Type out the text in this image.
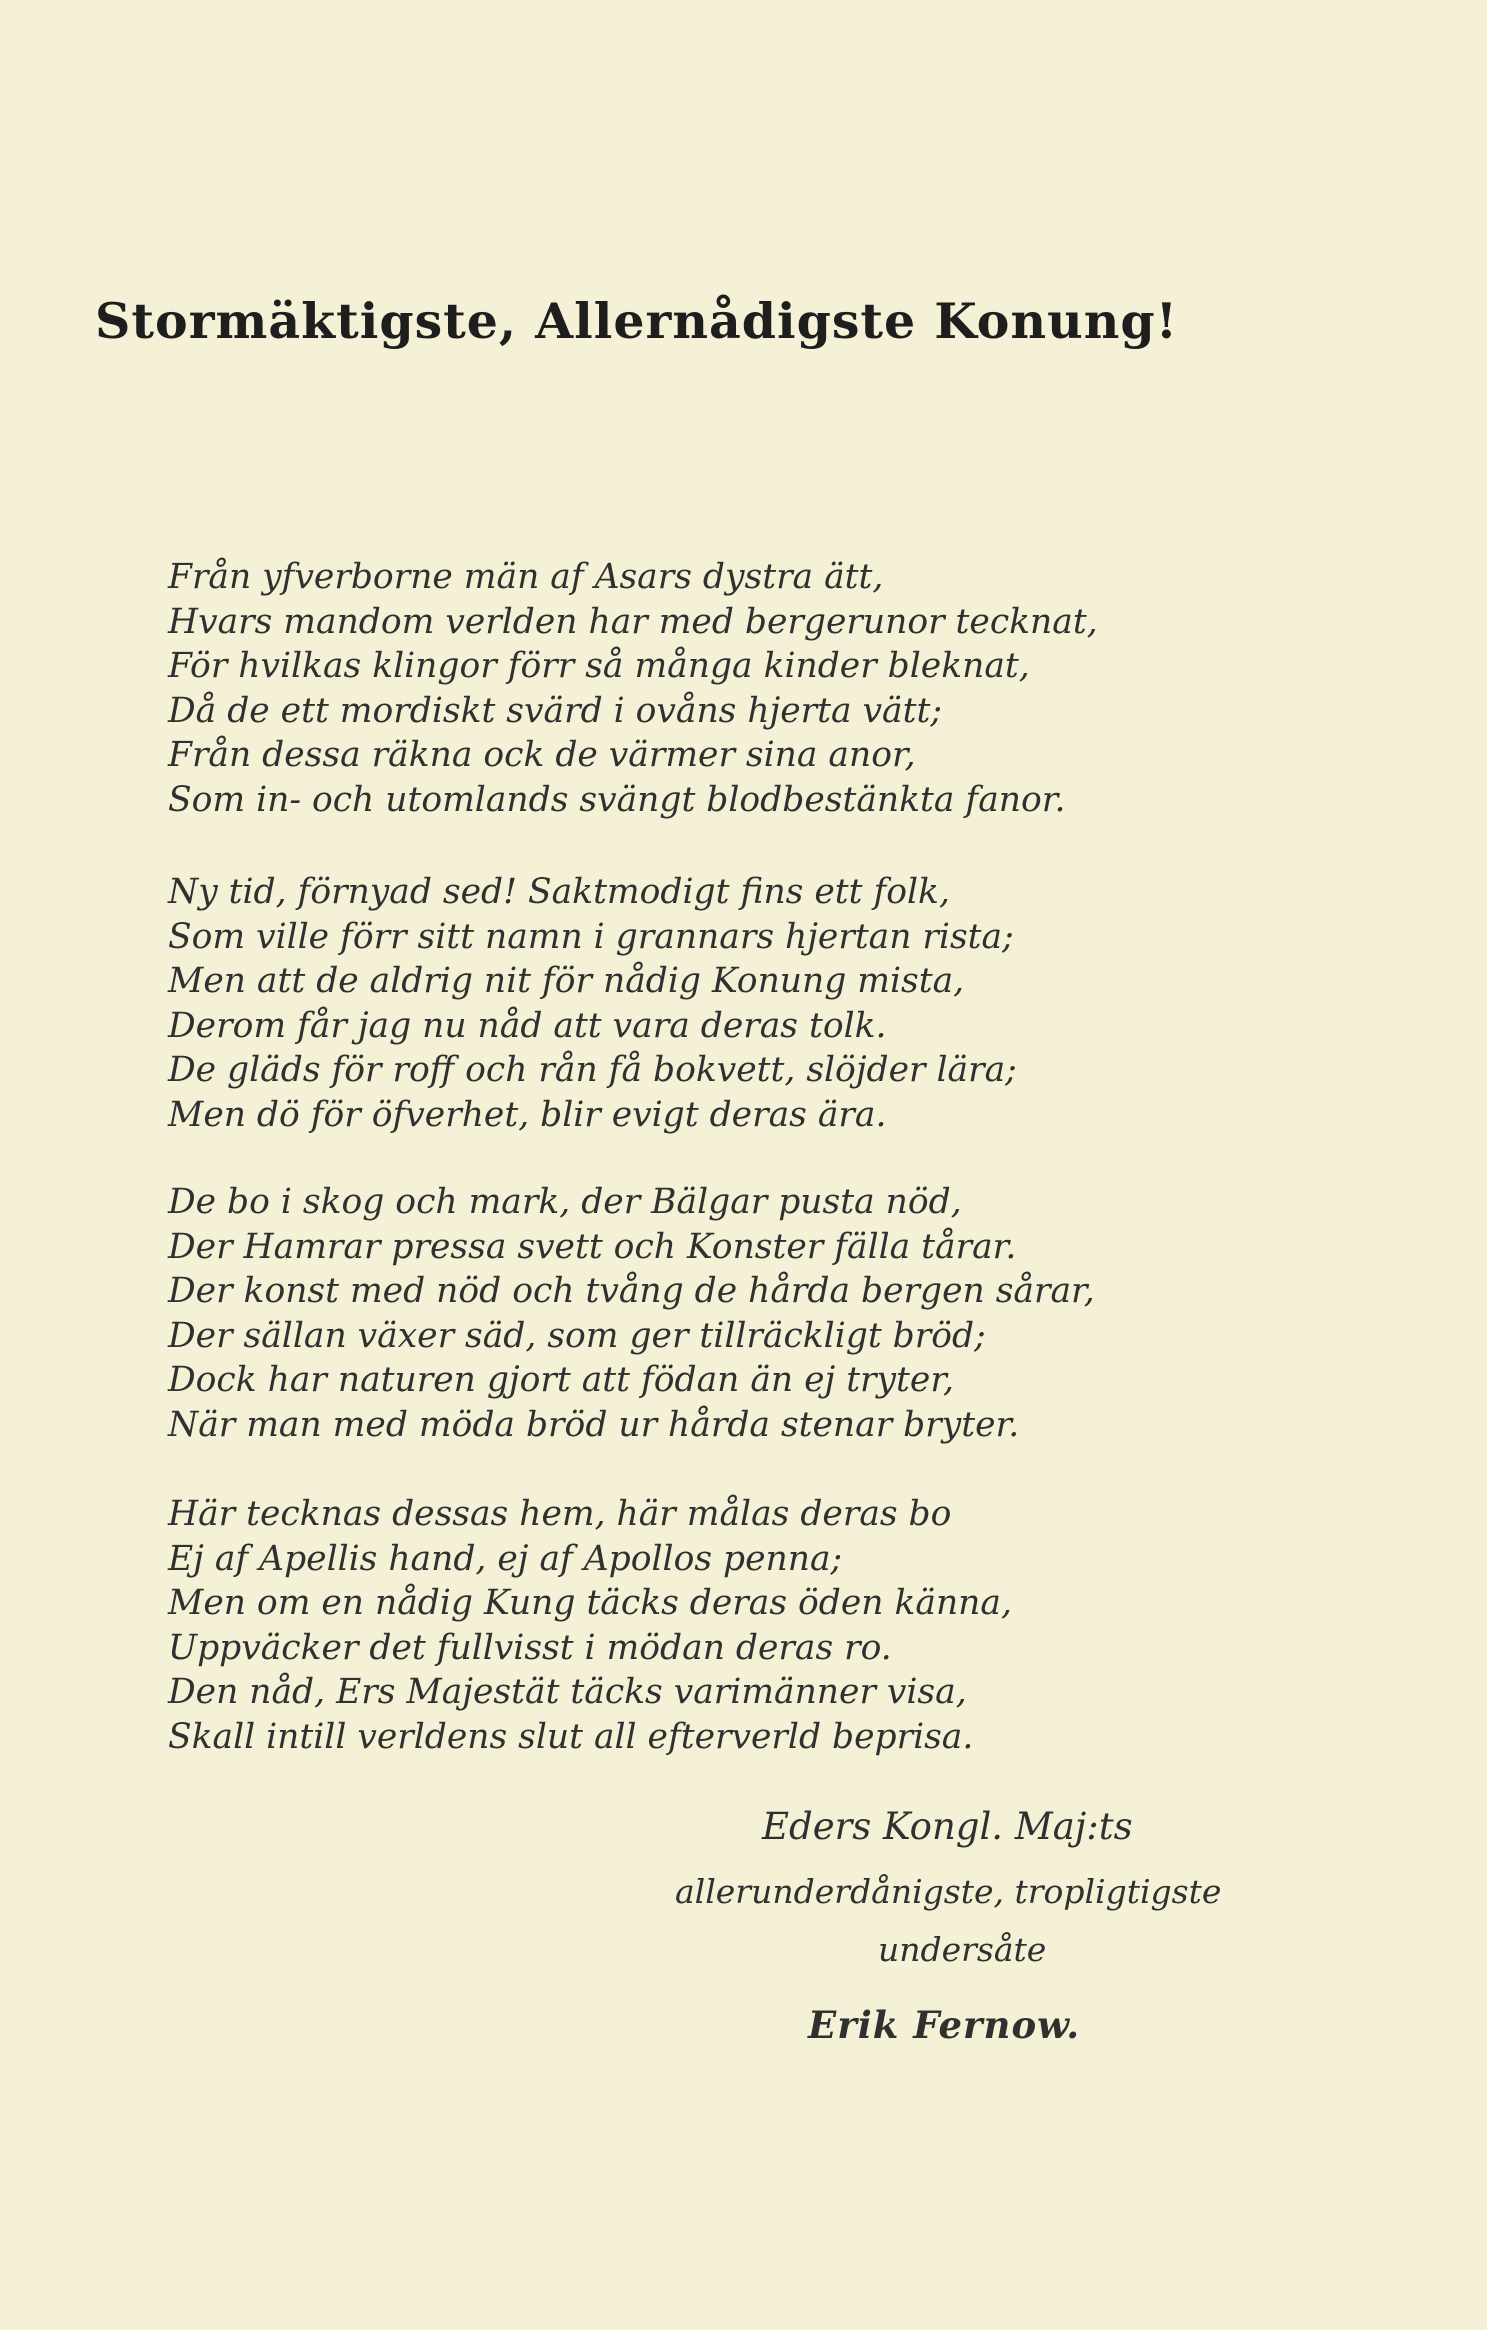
Stormäktigste, Allernådigste Konung!
Från yfverborne män af Asars dystra ätt,
Hvars mandom verlden har med bergerunor tecknat,
För hvilkas klingor förr så många kinder bleknat,
Då de ett mordiskt svärd i ovåns hjerta vätt;
Från dessa räkna ock de värmer sina anor,
Som in- och utomlands svängt blodbestänkta fanor.
Ny tid, förnyad sed! Saktmodigt fins ett folk,
Som ville förr sitt namn i grannars hjertan rista;
Men att de aldrig nit för nådig Konung mista,
Derom får jag nu nåd att vara deras tolk.
De gläds för roff och rån få bokvett, slöjder lära;
Men dö för öfverhet, blir evigt deras ära.
De bo i skog och mark, der Bälgar pusta nöd,
Der Hamrar pressa svett och Konster fälla tårar.
Der konst med nöd och tvång de hårda bergen sårar,
Der sällan växer säd, som ger tillräckligt bröd;
Dock har naturen gjort att födan än ej tryter,
När man med möda bröd ur hårda stenar bryter.
Här tecknas dessas hem, här målas deras bo
Ej af Apellis hand, ej af Apollos penna;
Men om en nådig Kung täcks deras öden känna,
Uppväcker det fullvisst i mödan deras ro.
Den nåd, Ers Majestät täcks varimänner visa,
Skall intill verldens slut all efterverld beprisa.
Eders Kongl. Maj:ts
allerunderdånigste, tropligtigste
undersåte
Erik Fernow.
